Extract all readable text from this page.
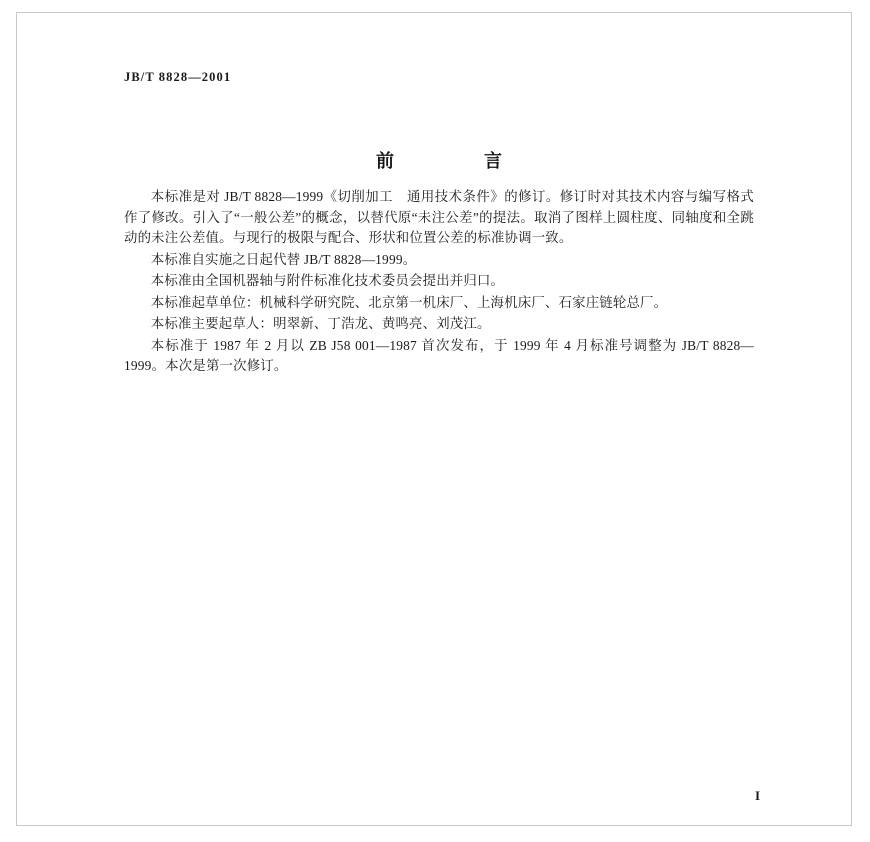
JB/T 8828—2001
前　　言

本标准是对 JB/T 8828—1999《切削加工　通用技术条件》的修订。修订时对其技术内容与编写格式作了修改。引入了“一般公差”的概念，以替代原“未注公差”的提法。取消了图样上圆柱度、同轴度和全跳动的未注公差值。与现行的极限与配合、形状和位置公差的标准协调一致。

本标准自实施之日起代替 JB/T 8828—1999。

本标准由全国机器轴与附件标准化技术委员会提出并归口。

本标准起草单位：机械科学研究院、北京第一机床厂、上海机床厂、石家庄链轮总厂。

本标准主要起草人：明翠新、丁浩龙、黄鸣亮、刘茂江。

本标准于 1987 年 2 月以 ZB J58 001—1987 首次发布，于 1999 年 4 月标准号调整为 JB/T 8828—1999。本次是第一次修订。

I
